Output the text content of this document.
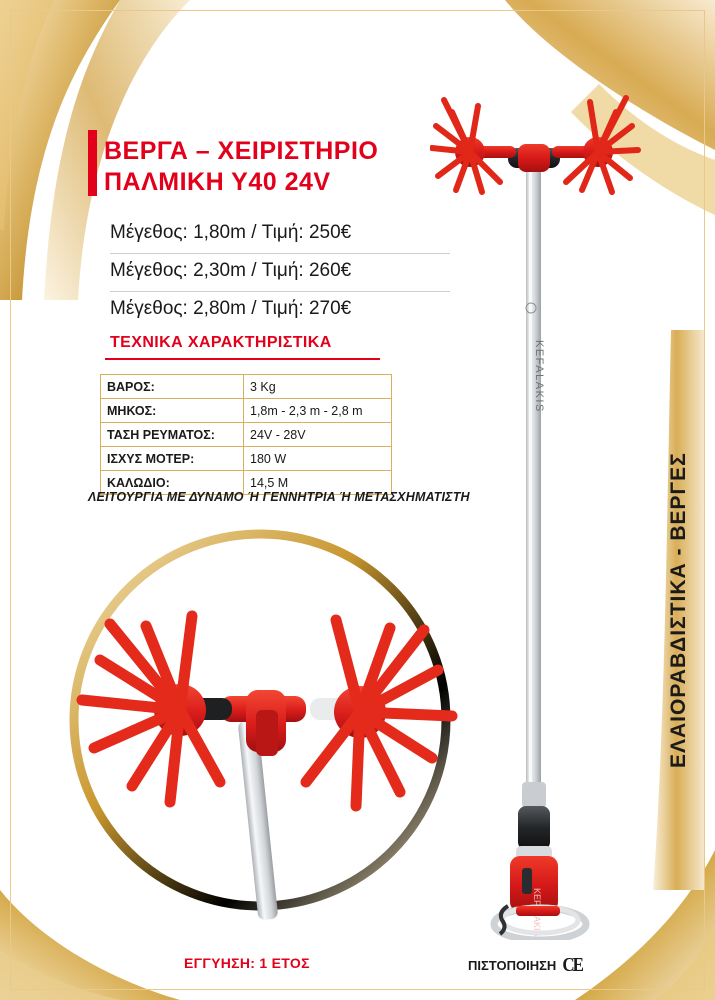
ΕΛΑΙΟΡΑΒΔΙΣΤΙΚΑ - ΒΕΡΓΕΣ
ΒΕΡΓΑ – ΧΕΙΡΙΣΤΗΡΙΟ
ΠΑΛΜΙΚΗ Υ40 24V
Μέγεθος: 1,80m / Τιμή: 250€
Μέγεθος: 2,30m / Τιμή: 260€
Μέγεθος: 2,80m / Τιμή: 270€
ΤΕΧΝΙΚΑ ΧΑΡΑΚΤΗΡΙΣΤΙΚΑ
ΒΑΡΟΣ:	3 Kg
ΜΗΚΟΣ:	1,8m - 2,3 m - 2,8 m
ΤΑΣΗ ΡΕΥΜΑΤΟΣ:	24V - 28V
ΙΣΧΥΣ ΜΟΤΕΡ:	180 W
ΚΑΛΩΔΙΟ:	14,5 M
ΛΕΙΤΟΥΡΓΙΑ ΜΕ ΔΥΝΑΜΟ Ή ΓΕΝΝΗΤΡΙΑ Ή ΜΕΤΑΣΧΗΜΑΤΙΣΤΗ
KEFALAKIS
ΕΓΓΥΗΣΗ: 1 ΕΤΟΣ	ΠΙΣΤΟΠΟΙΗΣΗ CE
